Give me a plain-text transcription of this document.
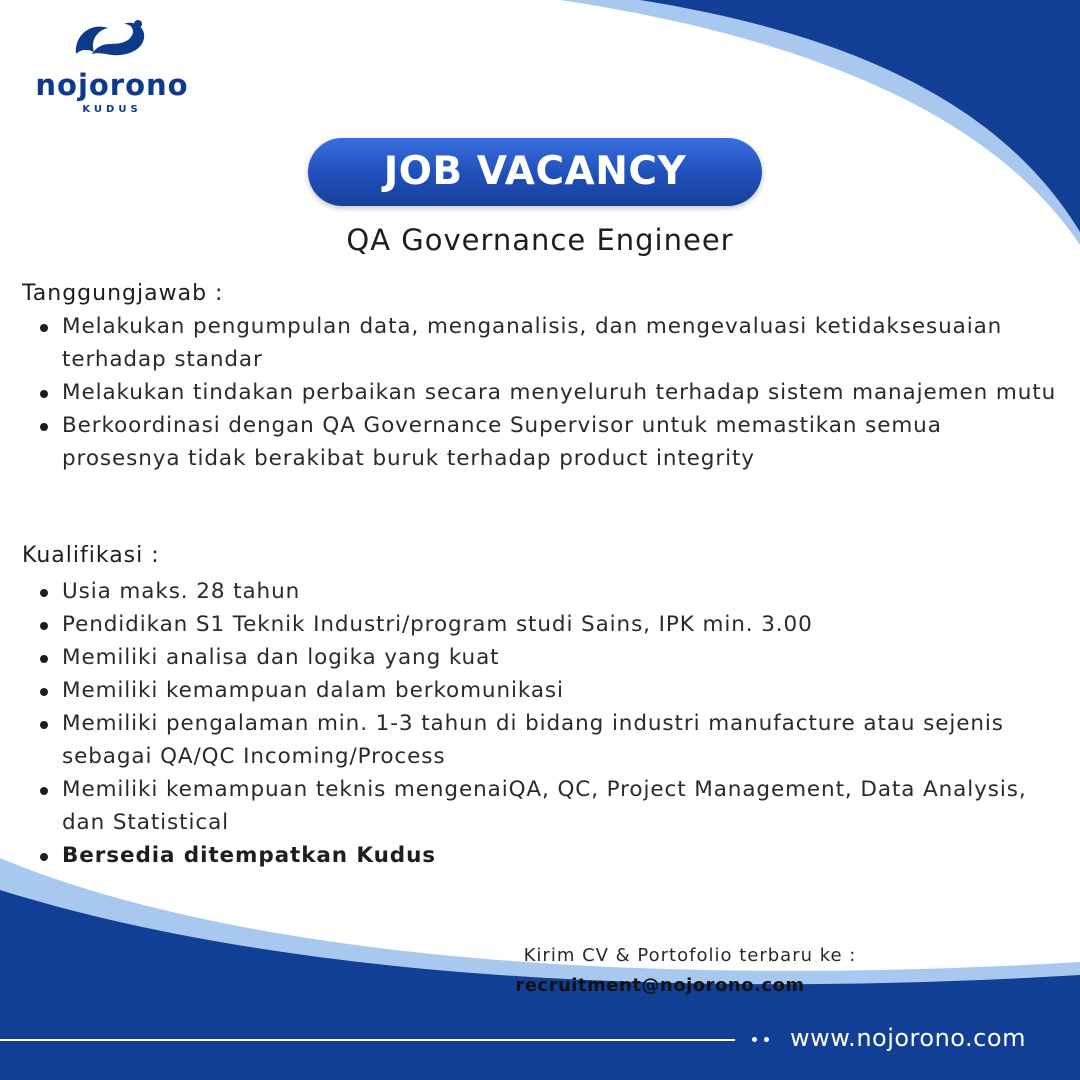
nojorono
KUDUS
JOB VACANCY
QA Governance Engineer
Tanggungjawab :
Melakukan pengumpulan data, menganalisis, dan mengevaluasi ketidaksesuaian terhadap standar
Melakukan tindakan perbaikan secara menyeluruh terhadap sistem manajemen mutu
Berkoordinasi dengan QA Governance Supervisor untuk memastikan semua prosesnya tidak berakibat buruk terhadap product integrity
Kualifikasi :
Usia maks. 28 tahun
Pendidikan S1 Teknik Industri/program studi Sains, IPK min. 3.00
Memiliki analisa dan logika yang kuat
Memiliki kemampuan dalam berkomunikasi
Memiliki pengalaman min. 1-3 tahun di bidang industri manufacture atau sejenis sebagai QA/QC Incoming/Process
Memiliki kemampuan teknis mengenaiQA, QC, Project Management, Data Analysis, dan Statistical
Bersedia ditempatkan Kudus
Kirim CV & Portofolio terbaru ke :
recruitment@nojorono.com
www.nojorono.com
